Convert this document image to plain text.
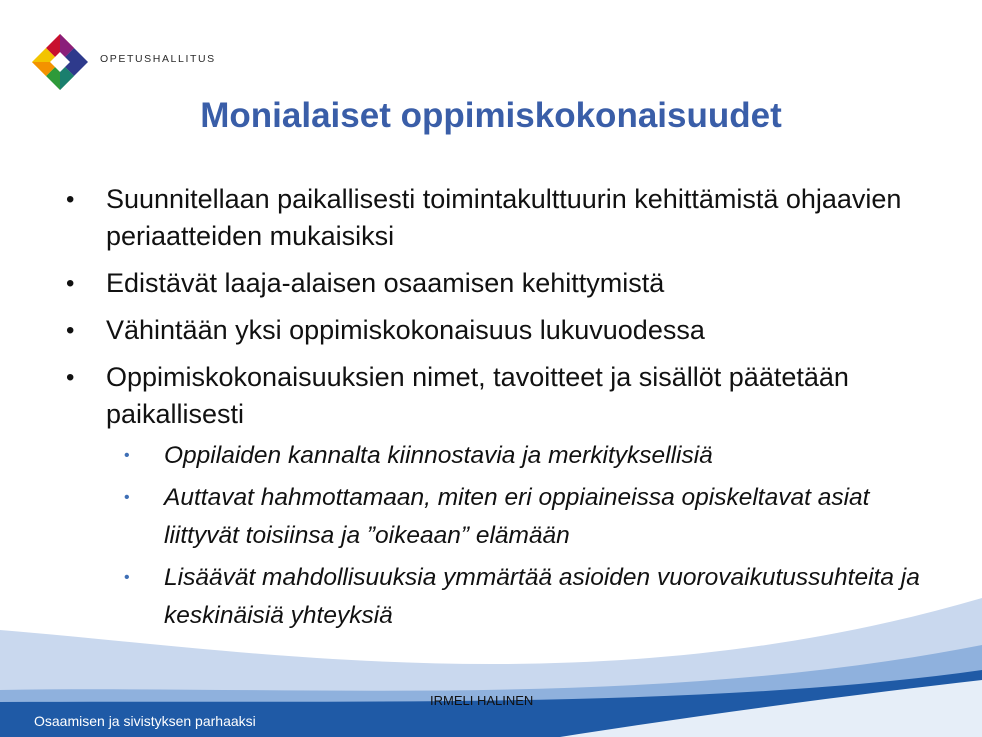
OPETUSHALLITUS
Monialaiset oppimiskokonaisuudet
• Suunnitellaan paikallisesti toimintakulttuurin kehittämistä ohjaavien periaatteiden mukaisiksi
• Edistävät laaja-alaisen osaamisen kehittymistä
• Vähintään yksi oppimiskokonaisuus lukuvuodessa
• Oppimiskokonaisuuksien nimet, tavoitteet ja sisällöt päätetään paikallisesti
• Oppilaiden kannalta kiinnostavia ja merkityksellisiä
• Auttavat hahmottamaan, miten eri oppiaineissa opiskeltavat asiat liittyvät toisiinsa ja ”oikeaan” elämään
• Lisäävät mahdollisuuksia ymmärtää asioiden vuorovaikutussuhteita ja keskinäisiä yhteyksiä
IRMELI HALINEN
Osaamisen ja sivistyksen parhaaksi
